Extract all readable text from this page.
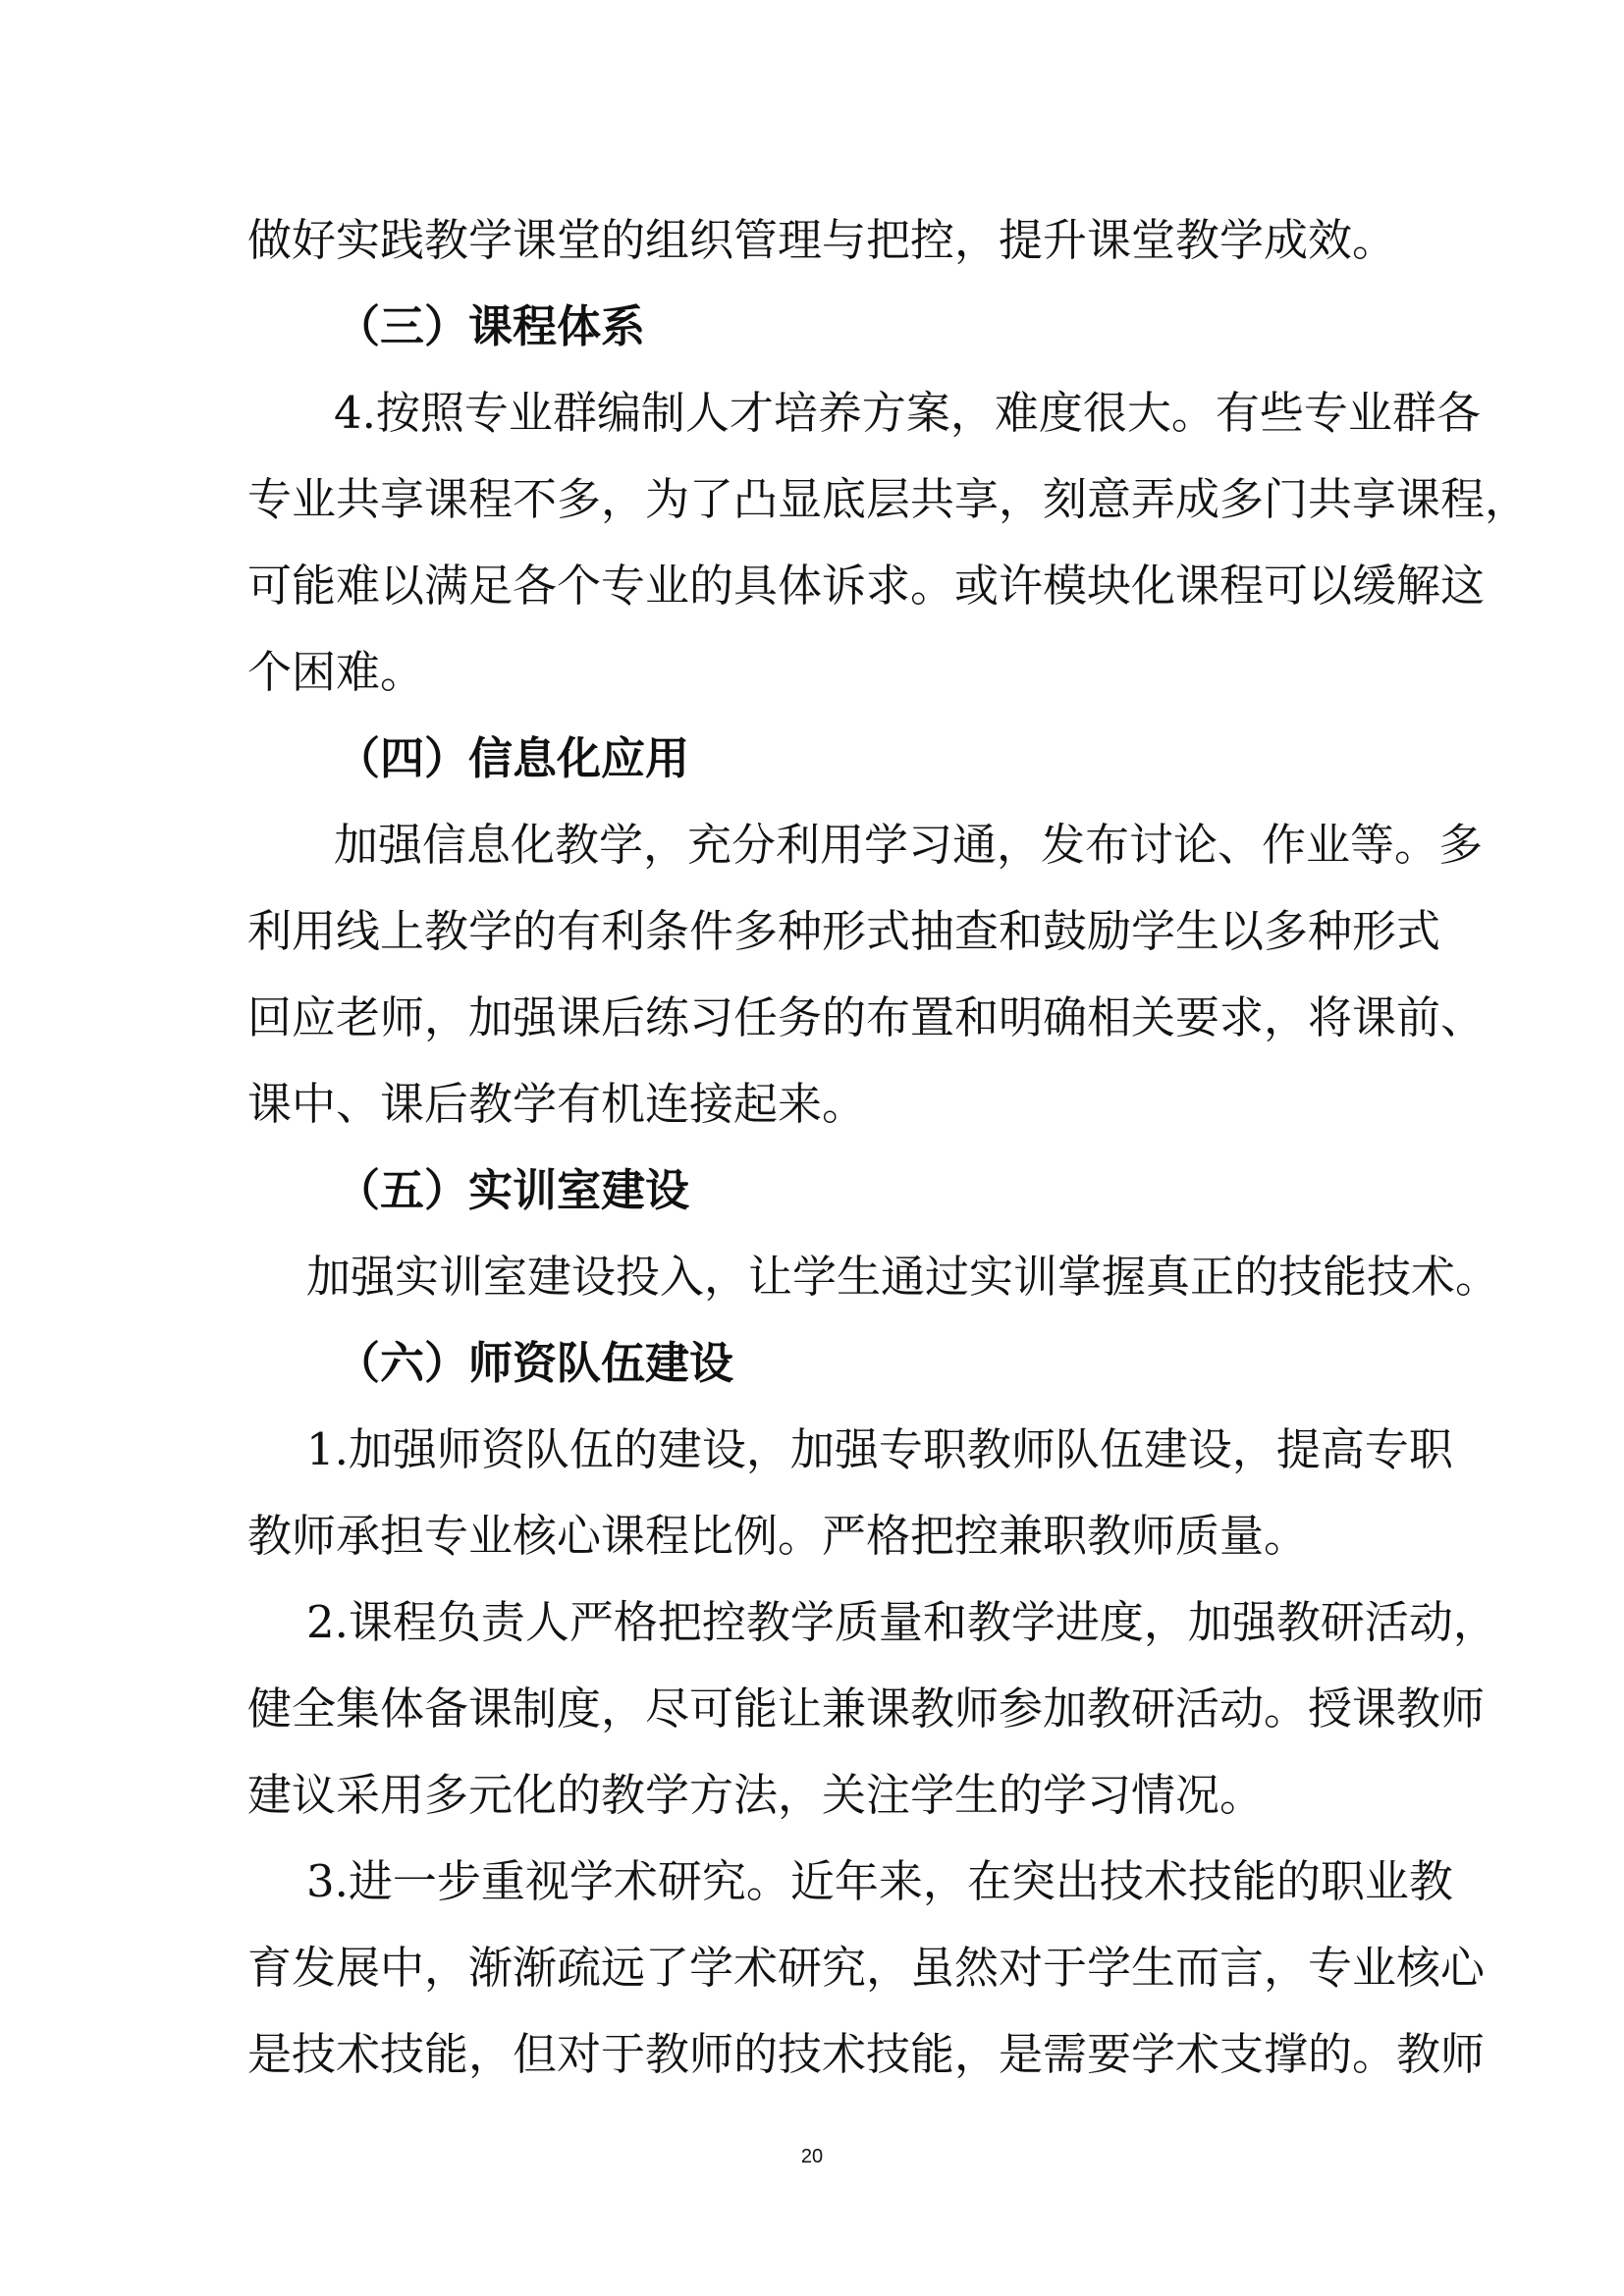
做好实践教学课堂的组织管理与把控，提升课堂教学成效。
（三）课程体系
4.按照专业群编制人才培养方案，难度很大。有些专业群各
专业共享课程不多，为了凸显底层共享，刻意弄成多门共享课程，
可能难以满足各个专业的具体诉求。或许模块化课程可以缓解这
个困难。
（四）信息化应用
加强信息化教学，充分利用学习通，发布讨论、作业等。多
利用线上教学的有利条件多种形式抽查和鼓励学生以多种形式
回应老师，加强课后练习任务的布置和明确相关要求，将课前、
课中、课后教学有机连接起来。
（五）实训室建设
加强实训室建设投入，让学生通过实训掌握真正的技能技术。
（六）师资队伍建设
1.加强师资队伍的建设，加强专职教师队伍建设，提高专职
教师承担专业核心课程比例。严格把控兼职教师质量。
2.课程负责人严格把控教学质量和教学进度，加强教研活动，
健全集体备课制度，尽可能让兼课教师参加教研活动。授课教师
建议采用多元化的教学方法，关注学生的学习情况。
3.进一步重视学术研究。近年来，在突出技术技能的职业教
育发展中，渐渐疏远了学术研究，虽然对于学生而言，专业核心
是技术技能，但对于教师的技术技能，是需要学术支撑的。教师
20
